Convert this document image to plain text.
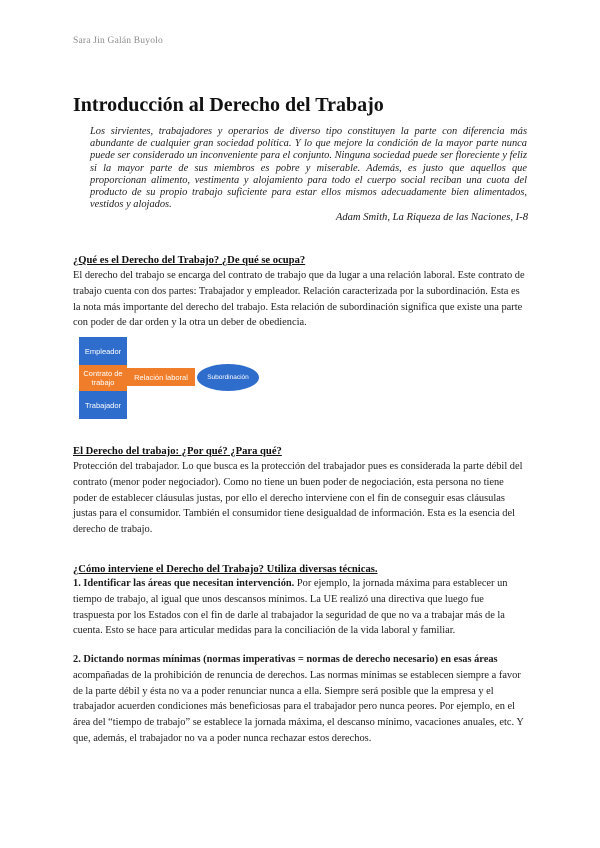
Sara Jin Galán Buyolo
Introducción al Derecho del Trabajo

Los sirvientes, trabajadores y operarios de diverso tipo constituyen la parte con diferencia más abundante de cualquier gran sociedad política. Y lo que mejore la condición de la mayor parte nunca puede ser considerado un inconveniente para el conjunto. Ninguna sociedad puede ser floreciente y feliz si la mayor parte de sus miembros es pobre y miserable. Además, es justo que aquellos que proporcionan alimento, vestimenta y alojamiento para todo el cuerpo social reciban una cuota del producto de su propio trabajo suficiente para estar ellos mismos adecuadamente bien alimentados, vestidos y alojados.

Adam Smith, La Riqueza de las Naciones, I-8
¿Qué es el Derecho del Trabajo? ¿De qué se ocupa?

El derecho del trabajo se encarga del contrato de trabajo que da lugar a una relación laboral. Este contrato de trabajo cuenta con dos partes: Trabajador y empleador. Relación caracterizada por la subordinación. Esta es la nota más importante del derecho del trabajo. Esta relación de subordinación significa que existe una parte con poder de dar orden y la otra un deber de obediencia.

Empleador
Contrato de trabajo
Relación laboral	Subordinación
Trabajador
El Derecho del trabajo: ¿Por qué? ¿Para qué?

Protección del trabajador. Lo que busca es la protección del trabajador pues es considerada la parte débil del contrato (menor poder negociador). Como no tiene un buen poder de negociación, esta persona no tiene poder de establecer cláusulas justas, por ello el derecho interviene con el fin de conseguir esas cláusulas justas para el consumidor. También el consumidor tiene desigualdad de información. Esta es la esencia del derecho de trabajo.

¿Cómo interviene el Derecho del Trabajo? Utiliza diversas técnicas.

1. Identificar las áreas que necesitan intervención. Por ejemplo, la jornada máxima para establecer un tiempo de trabajo, al igual que unos descansos mínimos. La UE realizó una directiva que luego fue traspuesta por los Estados con el fin de darle al trabajador la seguridad de que no va a trabajar más de la cuenta. Esto se hace para articular medidas para la conciliación de la vida laboral y familiar.

2. Dictando normas mínimas (normas imperativas = normas de derecho necesario) en esas áreas acompañadas de la prohibición de renuncia de derechos. Las normas mínimas se establecen siempre a favor de la parte débil y ésta no va a poder renunciar nunca a ella. Siempre será posible que la empresa y el trabajador acuerden condiciones más beneficiosas para el trabajador pero nunca peores. Por ejemplo, en el área del “tiempo de trabajo” se establece la jornada máxima, el descanso mínimo, vacaciones anuales, etc. Y que, además, el trabajador no va a poder nunca rechazar estos derechos.
